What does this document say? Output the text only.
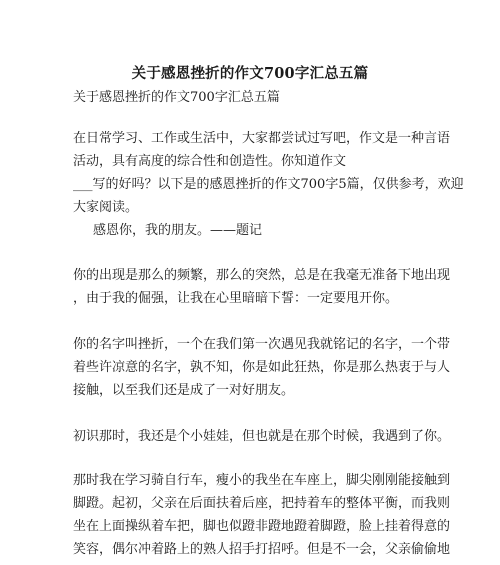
关于感恩挫折的作文700字汇总五篇
关于感恩挫折的作文700字汇总五篇
在日常学习、工作或生活中，大家都尝试过写吧，作文是一种言语
活动，具有高度的综合性和创造性。你知道作文
___写的好吗？以下是的感恩挫折的作文700字5篇，仅供参考，欢迎
大家阅读。
感恩你，我的朋友。——题记
你的出现是那么的频繁，那么的突然，总是在我毫无准备下地出现
，由于我的倔强，让我在心里暗暗下誓：一定要甩开你。
你的名字叫挫折，一个在我们第一次遇见我就铭记的名字，一个带
着些许凉意的名字，孰不知，你是如此狂热，你是那么热衷于与人
接触，以至我们还是成了一对好朋友。
初识那时，我还是个小娃娃，但也就是在那个时候，我遇到了你。
那时我在学习骑自行车，瘦小的我坐在车座上，脚尖刚刚能接触到
脚蹬。起初，父亲在后面扶着后座，把持着车的整体平衡，而我则
坐在上面操纵着车把，脚也似蹬非蹬地蹬着脚蹬，脸上挂着得意的
笑容，偶尔冲着路上的熟人招手打招呼。但是不一会，父亲偷偷地
